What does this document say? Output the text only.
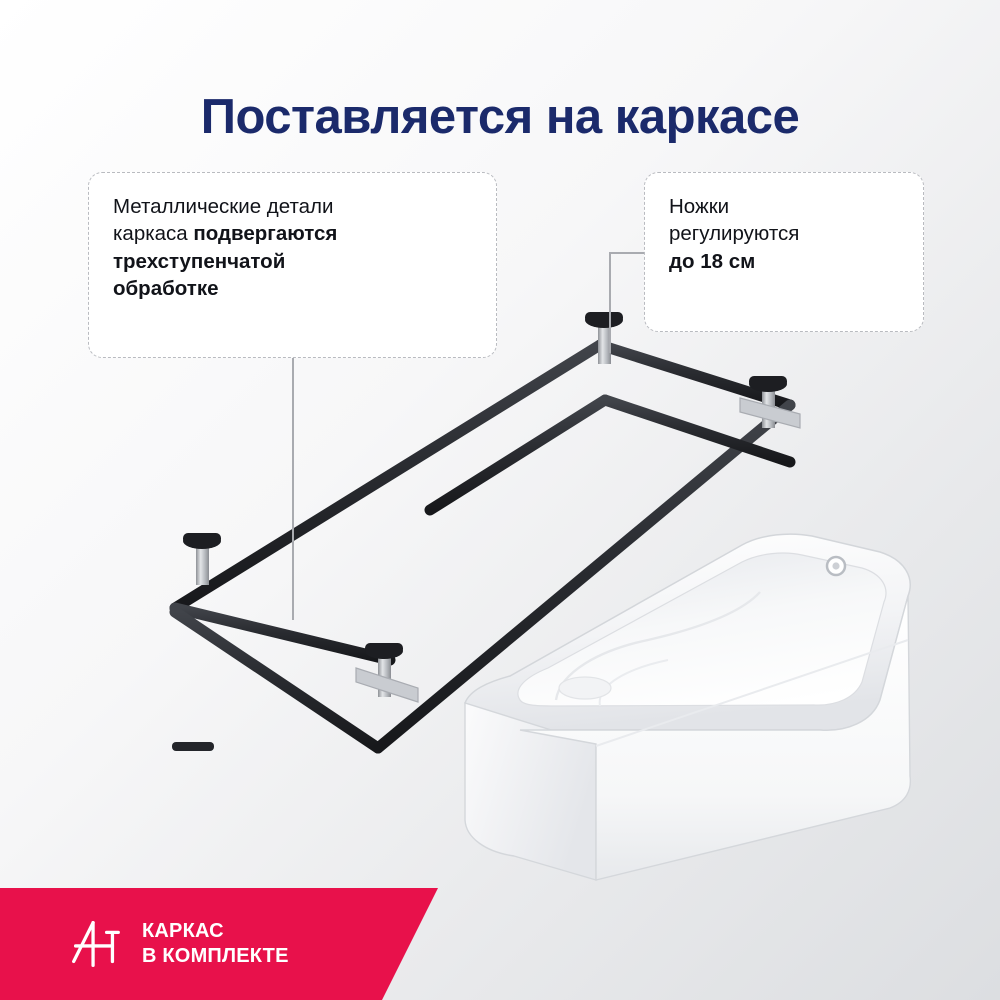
Поставляется на каркасе
Металлические детали
каркаса подвергаются
трехступенчатой
обработке
Ножки
регулируются
до 18 см
КАРКАС
В КОМПЛЕКТЕ
